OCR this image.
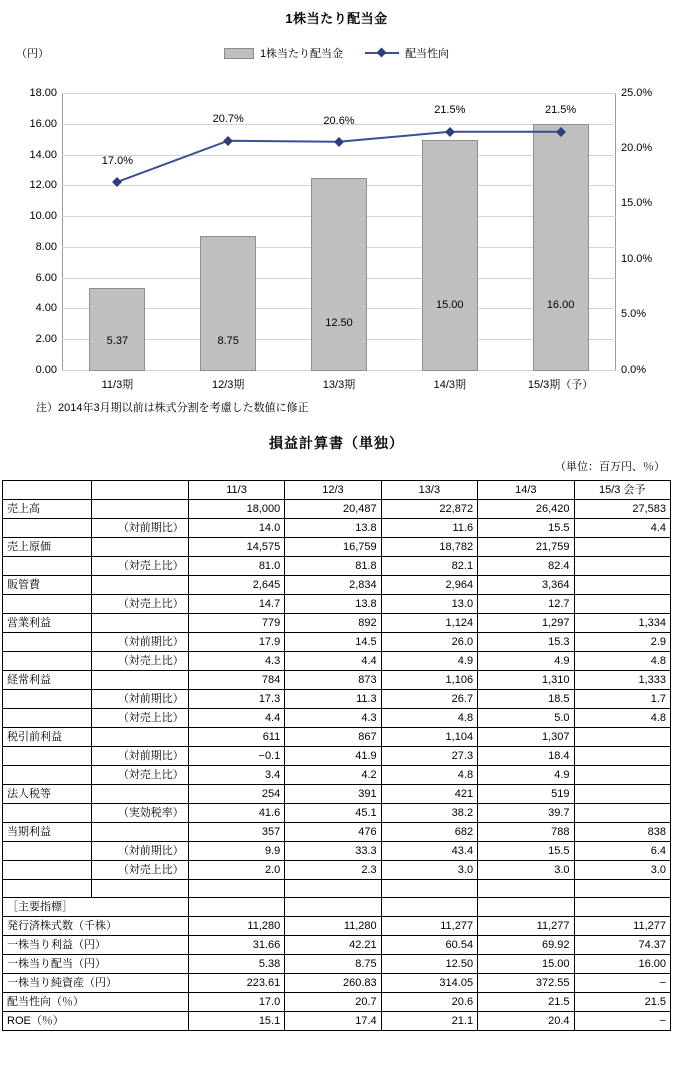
1株当たり配当金
（円）	1株当たり配当金	配当性向
0.00
2.00
4.00
6.00
8.00
10.00
12.00
14.00
16.00
18.00
0.0%
5.0%
10.0%
15.0%
20.0%
25.0%
5.37	8.75
12.50
15.00	16.00
17.0%
20.7%	20.6%
21.5%	21.5%
11/3期	12/3期	13/3期	14/3期	15/3期（予）
注）2014年3月期以前は株式分割を考慮した数値に修正
損益計算書（単独）
（単位：百万円、％）
		11/3	12/3	13/3	14/3	15/3 会予
売上高		18,000	20,487	22,872	26,420	27,583
	（対前期比）	14.0	13.8	11.6	15.5	4.4
売上原価		14,575	16,759	18,782	21,759	
	（対売上比）	81.0	81.8	82.1	82.4	
販管費		2,645	2,834	2,964	3,364	
	（対売上比）	14.7	13.8	13.0	12.7	
営業利益		779	892	1,124	1,297	1,334
	（対前期比）	17.9	14.5	26.0	15.3	2.9
	（対売上比）	4.3	4.4	4.9	4.9	4.8
経常利益		784	873	1,106	1,310	1,333
	（対前期比）	17.3	11.3	26.7	18.5	1.7
	（対売上比）	4.4	4.3	4.8	5.0	4.8
税引前利益		611	867	1,104	1,307	
	（対前期比）	−0.1	41.9	27.3	18.4	
	（対売上比）	3.4	4.2	4.8	4.9	
法人税等		254	391	421	519	
	（実効税率）	41.6	45.1	38.2	39.7	
当期利益		357	476	682	788	838
	（対前期比）	9.9	33.3	43.4	15.5	6.4
	（対売上比）	2.0	2.3	3.0	3.0	3.0

［主要指標］						
発行済株式数（千株）		11,280	11,280	11,277	11,277	11,277
一株当り利益（円）		31.66	42.21	60.54	69.92	74.37
一株当り配当（円）		5.38	8.75	12.50	15.00	16.00
一株当り純資産（円）		223.61	260.83	314.05	372.55	−
配当性向（％）		17.0	20.7	20.6	21.5	21.5
ROE（％）		15.1	17.4	21.1	20.4	−
